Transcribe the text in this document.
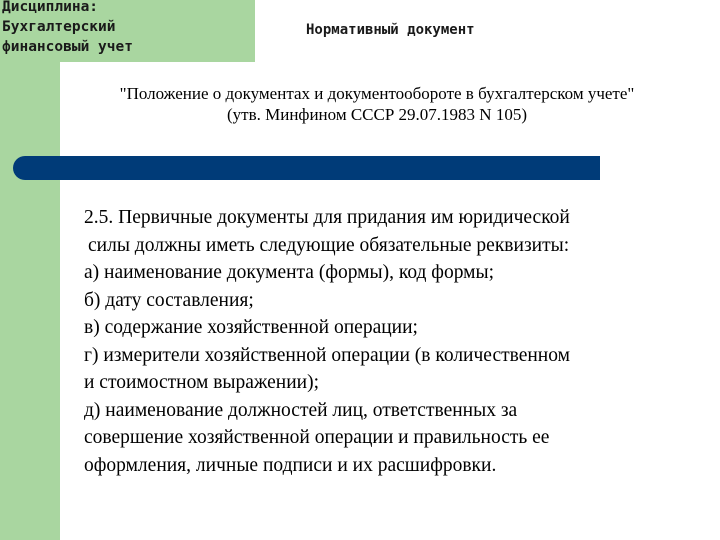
Дисциплина:
Бухгалтерский
финансовый учет
Нормативный документ
"Положение о документах и документообороте в бухгалтерском учете"
(утв. Минфином СССР 29.07.1983 N 105)
2.5. Первичные документы для придания им юридической
силы должны иметь следующие обязательные реквизиты:
а) наименование документа (формы), код формы;
б) дату составления;
в) содержание хозяйственной операции;
г) измерители хозяйственной операции (в количественном
и стоимостном выражении);
д) наименование должностей лиц, ответственных за
совершение хозяйственной операции и правильность ее
оформления, личные подписи и их расшифровки.
